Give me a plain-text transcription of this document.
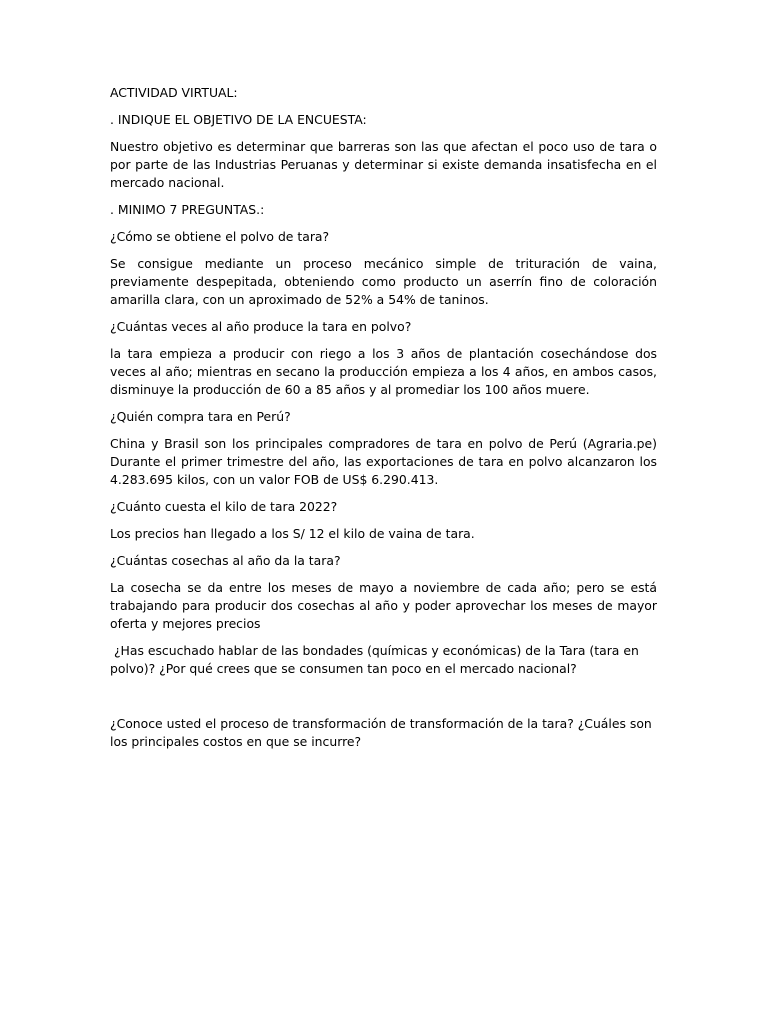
ACTIVIDAD VIRTUAL:

. INDIQUE EL OBJETIVO DE LA ENCUESTA:

Nuestro objetivo es determinar que barreras son las que afectan el poco uso de tara o por parte de las Industrias Peruanas y determinar si existe demanda insatisfecha en el mercado nacional.

. MINIMO 7 PREGUNTAS.:

¿Cómo se obtiene el polvo de tara?

Se consigue mediante un proceso mecánico simple de trituración de vaina, previamente despepitada, obteniendo como producto un aserrín fino de coloración amarilla clara, con un aproximado de 52% a 54% de taninos.

¿Cuántas veces al año produce la tara en polvo?

la tara empieza a producir con riego a los 3 años de plantación cosechándose dos veces al año; mientras en secano la producción empieza a los 4 años, en ambos casos, disminuye la producción de 60 a 85 años y al promediar los 100 años muere.

¿Quién compra tara en Perú?

China y Brasil son los principales compradores de tara en polvo de Perú (Agraria.pe) Durante el primer trimestre del año, las exportaciones de tara en polvo alcanzaron los 4.283.695 kilos, con un valor FOB de US$ 6.290.413.

¿Cuánto cuesta el kilo de tara 2022?

Los precios han llegado a los S/ 12 el kilo de vaina de tara.

¿Cuántas cosechas al año da la tara?

La cosecha se da entre los meses de mayo a noviembre de cada año; pero se está trabajando para producir dos cosechas al año y poder aprovechar los meses de mayor oferta y mejores precios

¿Has escuchado hablar de las bondades (químicas y económicas) de la Tara (tara en polvo)? ¿Por qué crees que se consumen tan poco en el mercado nacional?

¿Conoce usted el proceso de transformación de transformación de la tara? ¿Cuáles son los principales costos en que se incurre?
